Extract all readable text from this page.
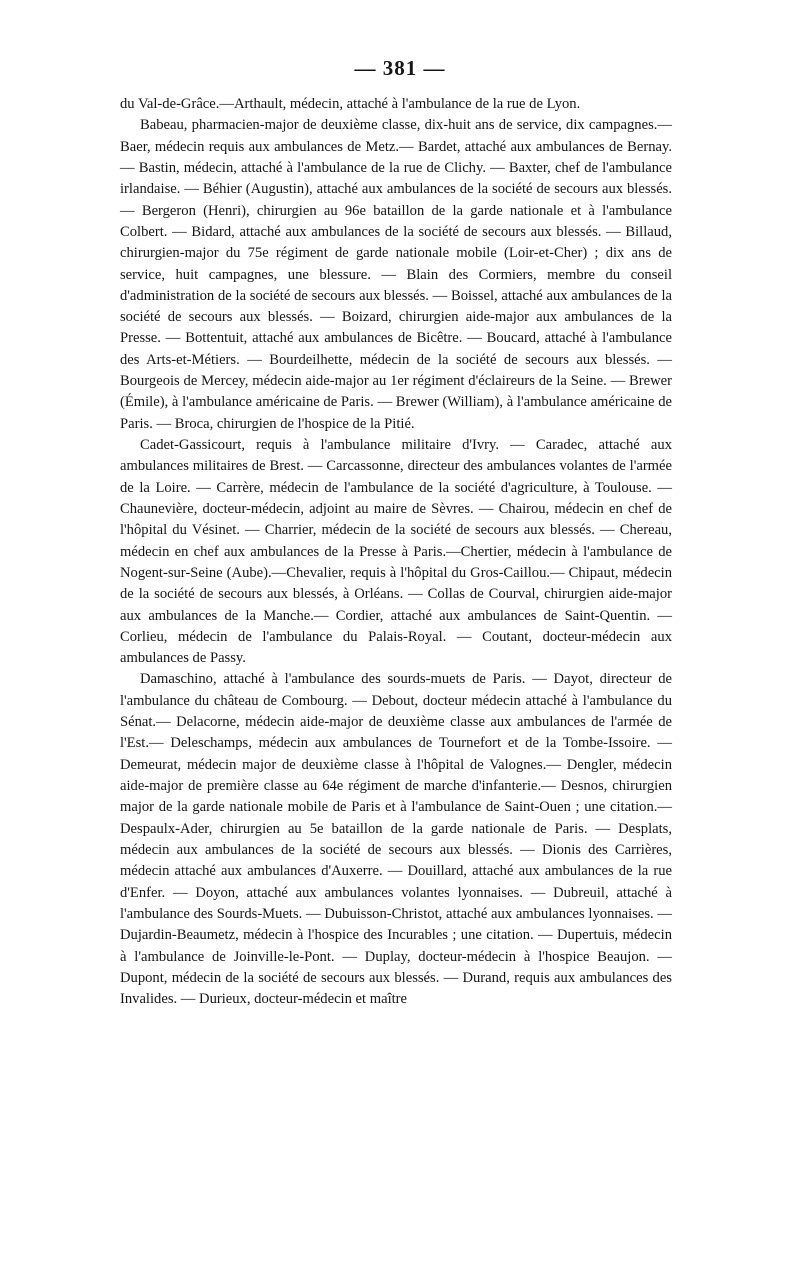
— 381 —

du Val-de-Grâce.—Arthault, médecin, attaché à l'ambulance de la rue de Lyon.

Babeau, pharmacien-major de deuxième classe, dix-huit ans de service, dix campagnes.— Baer, médecin requis aux ambulances de Metz.— Bardet, attaché aux ambulances de Bernay. — Bastin, médecin, attaché à l'ambulance de la rue de Clichy. — Baxter, chef de l'ambulance irlandaise. — Béhier (Augustin), attaché aux ambulances de la société de secours aux blessés. — Bergeron (Henri), chirurgien au 96e bataillon de la garde nationale et à l'ambulance Colbert. — Bidard, attaché aux ambulances de la société de secours aux blessés. — Billaud, chirurgien-major du 75e régiment de garde nationale mobile (Loir-et-Cher) ; dix ans de service, huit campagnes, une blessure. — Blain des Cormiers, membre du conseil d'administration de la société de secours aux blessés. — Boissel, attaché aux ambulances de la société de secours aux blessés. — Boizard, chirurgien aide-major aux ambulances de la Presse. — Bottentuit, attaché aux ambulances de Bicêtre. — Boucard, attaché à l'ambulance des Arts-et-Métiers. — Bourdeilhette, médecin de la société de secours aux blessés. — Bourgeois de Mercey, médecin aide-major au 1er régiment d'éclaireurs de la Seine. — Brewer (Émile), à l'ambulance américaine de Paris. — Brewer (William), à l'ambulance américaine de Paris. — Broca, chirurgien de l'hospice de la Pitié.

Cadet-Gassicourt, requis à l'ambulance militaire d'Ivry. — Caradec, attaché aux ambulances militaires de Brest. — Carcassonne, directeur des ambulances volantes de l'armée de la Loire. — Carrère, médecin de l'ambulance de la société d'agriculture, à Toulouse. — Chaunevière, docteur-médecin, adjoint au maire de Sèvres. — Chairou, médecin en chef de l'hôpital du Vésinet. — Charrier, médecin de la société de secours aux blessés. — Chereau, médecin en chef aux ambulances de la Presse à Paris.—Chertier, médecin à l'ambulance de Nogent-sur-Seine (Aube).—Chevalier, requis à l'hôpital du Gros-Caillou.— Chipaut, médecin de la société de secours aux blessés, à Orléans. — Collas de Courval, chirurgien aide-major aux ambulances de la Manche.— Cordier, attaché aux ambulances de Saint-Quentin. — Corlieu, médecin de l'ambulance du Palais-Royal. — Coutant, docteur-médecin aux ambulances de Passy.

Damaschino, attaché à l'ambulance des sourds-muets de Paris. — Dayot, directeur de l'ambulance du château de Combourg. — Debout, docteur médecin attaché à l'ambulance du Sénat.— Delacorne, médecin aide-major de deuxième classe aux ambulances de l'armée de l'Est.— Deleschamps, médecin aux ambulances de Tournefort et de la Tombe-Issoire. — Demeurat, médecin major de deuxième classe à l'hôpital de Valognes.— Dengler, médecin aide-major de première classe au 64e régiment de marche d'infanterie.— Desnos, chirurgien major de la garde nationale mobile de Paris et à l'ambulance de Saint-Ouen ; une citation.— Despaulx-Ader, chirurgien au 5e bataillon de la garde nationale de Paris. — Desplats, médecin aux ambulances de la société de secours aux blessés. — Dionis des Carrières, médecin attaché aux ambulances d'Auxerre. — Douillard, attaché aux ambulances de la rue d'Enfer. — Doyon, attaché aux ambulances volantes lyonnaises. — Dubreuil, attaché à l'ambulance des Sourds-Muets. — Dubuisson-Christot, attaché aux ambulances lyonnaises. — Dujardin-Beaumetz, médecin à l'hospice des Incurables ; une citation. — Dupertuis, médecin à l'ambulance de Joinville-le-Pont. — Duplay, docteur-médecin à l'hospice Beaujon. — Dupont, médecin de la société de secours aux blessés. — Durand, requis aux ambulances des Invalides. — Durieux, docteur-médecin et maître
